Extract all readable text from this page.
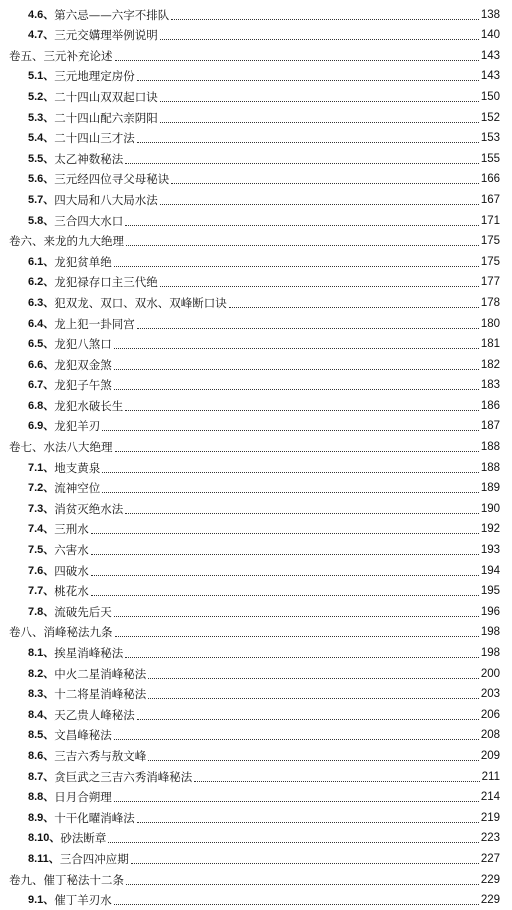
4.6、 第六忌——六字不排队	138
4.7、 三元交媾理举例说明	140
卷五、三元补充论述	143
5.1、 三元地理定房份	143
5.2、 二十四山双双起口诀	150
5.3、 二十四山配六亲阴阳	152
5.4、 二十四山三才法	153
5.5、 太乙神数秘法	155
5.6、 三元经四位寻父母秘诀	166
5.7、 四大局和八大局水法	167
5.8、 三合四大水口	171
卷六、来龙的九大绝理	175
6.1、 龙犯贫单绝	175
6.2、 龙犯禄存口主三代绝	177
6.3、 犯双龙、双口、双水、双峰断口诀	178
6.4、 龙上犯一卦同宫	180
6.5、 龙犯八煞口	181
6.6、 龙犯双金煞	182
6.7、 龙犯子午煞	183
6.8、 龙犯水破长生	186
6.9、 龙犯羊刃	187
卷七、水法八大绝理	188
7.1、 地支黄泉	188
7.2、 流神空位	189
7.3、 消贫灭绝水法	190
7.4、 三刑水	192
7.5、 六害水	193
7.6、 四破水	194
7.7、 桃花水	195
7.8、 流破先后天	196
卷八、消峰秘法九条	198
8.1、 挨星消峰秘法	198
8.2、 中火二星消峰秘法	200
8.3、 十二将星消峰秘法	203
8.4、 天乙贵人峰秘法	206
8.5、 文昌峰秘法	208
8.6、 三吉六秀与敖文峰	209
8.7、 贪巨武之三吉六秀消峰秘法	211
8.8、 日月合朔理	214
8.9、 十干化曜消峰法	219
8.10、 砂法断章	223
8.11、 三合四冲应期	227
卷九、催丁秘法十二条	229
9.1、 催丁羊刃水	229
